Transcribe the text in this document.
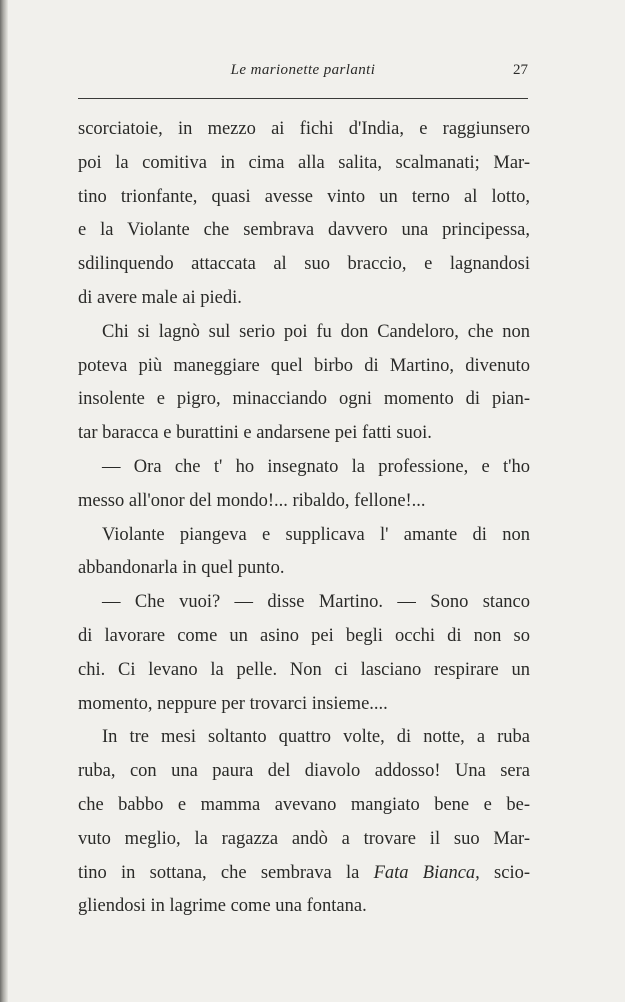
Le marionette parlanti	27
scorciatoie, in mezzo ai fichi d'India, e raggiunsero
poi la comitiva in cima alla salita, scalmanati; Mar-
tino trionfante, quasi avesse vinto un terno al lotto,
e la Violante che sembrava davvero una principessa,
sdilinquendo attaccata al suo braccio, e lagnandosi
di avere male ai piedi.
Chi si lagnò sul serio poi fu don Candeloro, che non
poteva più maneggiare quel birbo di Martino, divenuto
insolente e pigro, minacciando ogni momento di pian-
tar baracca e burattini e andarsene pei fatti suoi.
— Ora che t' ho insegnato la professione, e t'ho
messo all'onor del mondo!... ribaldo, fellone!...
Violante piangeva e supplicava l' amante di non
abbandonarla in quel punto.
— Che vuoi? — disse Martino. — Sono stanco
di lavorare come un asino pei begli occhi di non so
chi. Ci levano la pelle. Non ci lasciano respirare un
momento, neppure per trovarci insieme....
In tre mesi soltanto quattro volte, di notte, a ruba
ruba, con una paura del diavolo addosso! Una sera
che babbo e mamma avevano mangiato bene e be-
vuto meglio, la ragazza andò a trovare il suo Mar-
tino in sottana, che sembrava la Fata Bianca, scio-
gliendosi in lagrime come una fontana.
